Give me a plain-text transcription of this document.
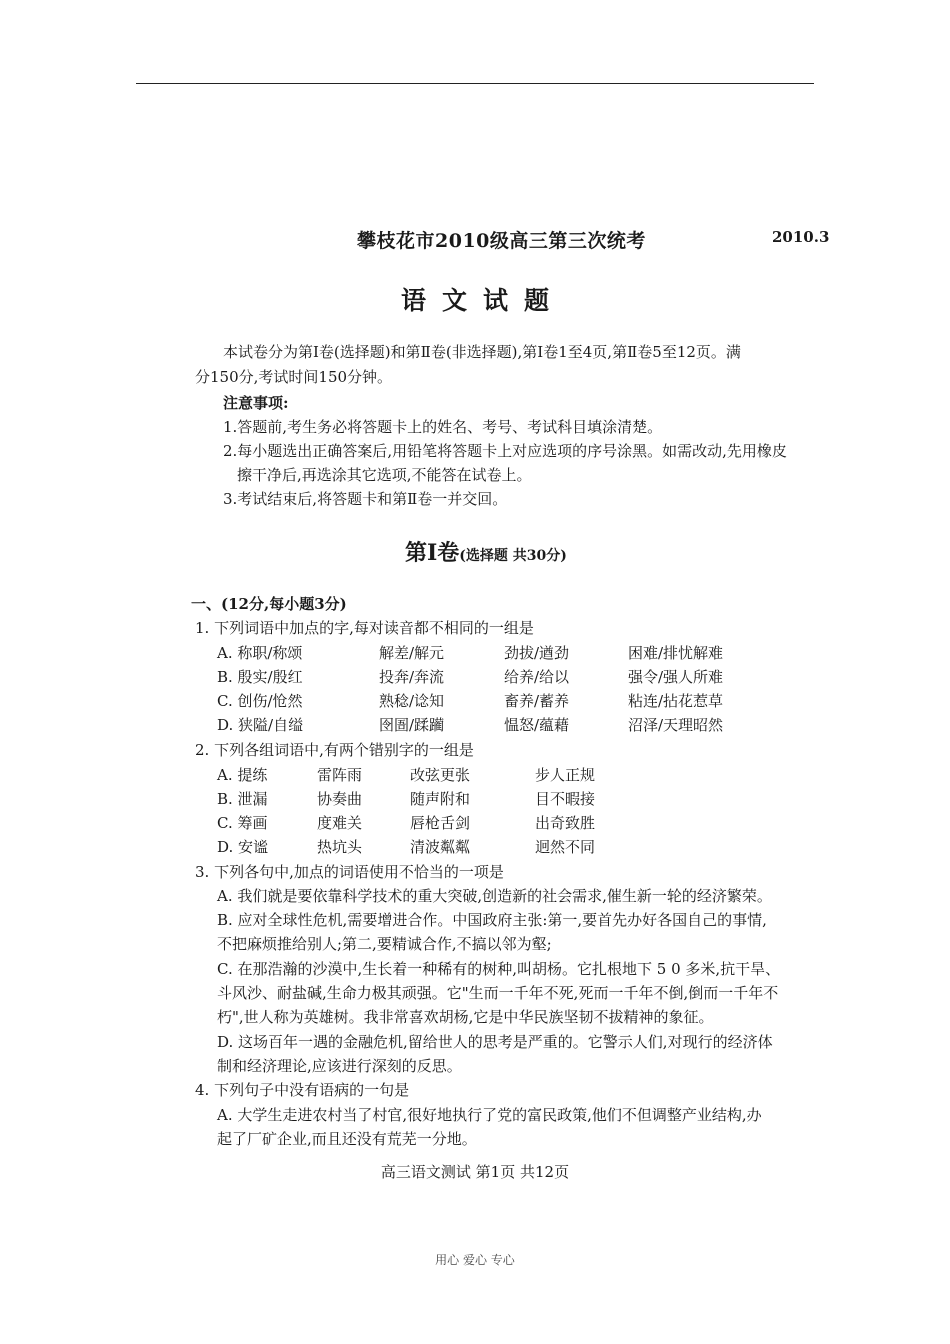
攀枝花市2010级高三第三次统考	2010.3
语文试题
本试卷分为第Ⅰ卷(选择题)和第Ⅱ卷(非选择题),第Ⅰ卷1至4页,第Ⅱ卷5至12页。满
分150分,考试时间150分钟。
注意事项:
1.答题前,考生务必将答题卡上的姓名、考号、考试科目填涂清楚。
2.每小题选出正确答案后,用铅笔将答题卡上对应选项的序号涂黑。如需改动,先用橡皮
擦干净后,再选涂其它选项,不能答在试卷上。
3.考试结束后,将答题卡和第Ⅱ卷一并交回。
第Ⅰ卷(选择题 共30分)
一、(12分,每小题3分)
1. 下列词语中加点的字,每对读音都不相同的一组是
A. 称职/称颂	解差/解元	劲拔/遒劲	困难/排忧解难
B. 殷实/殷红	投奔/奔流	给养/给以	强令/强人所难
C. 创伤/怆然	熟稔/谂知	畜养/蓄养	粘连/拈花惹草
D. 狭隘/自缢	囹圄/蹂躏	愠怒/蕴藉	沼泽/天理昭然
2. 下列各组词语中,有两个错别字的一组是
A. 提练	雷阵雨	改弦更张	步人正规
B. 泄漏	协奏曲	随声附和	目不暇接
C. 筹画	度难关	唇枪舌剑	出奇致胜
D. 安谧	热坑头	清波粼粼	迥然不同
3. 下列各句中,加点的词语使用不恰当的一项是
A. 我们就是要依靠科学技术的重大突破,创造新的社会需求,催生新一轮的经济繁荣。
B. 应对全球性危机,需要增进合作。中国政府主张:第一,要首先办好各国自己的事情,
不把麻烦推给别人;第二,要精诚合作,不搞以邻为壑;
C. 在那浩瀚的沙漠中,生长着一种稀有的树种,叫胡杨。它扎根地下 5 0 多米,抗干旱、
斗风沙、耐盐碱,生命力极其顽强。它"生而一千年不死,死而一千年不倒,倒而一千年不
朽",世人称为英雄树。我非常喜欢胡杨,它是中华民族坚韧不拔精神的象征。
D. 这场百年一遇的金融危机,留给世人的思考是严重的。它警示人们,对现行的经济体
制和经济理论,应该进行深刻的反思。
4. 下列句子中没有语病的一句是
A. 大学生走进农村当了村官,很好地执行了党的富民政策,他们不但调整产业结构,办
起了厂矿企业,而且还没有荒芜一分地。
高三语文测试 第1页 共12页
用心 爱心 专心
